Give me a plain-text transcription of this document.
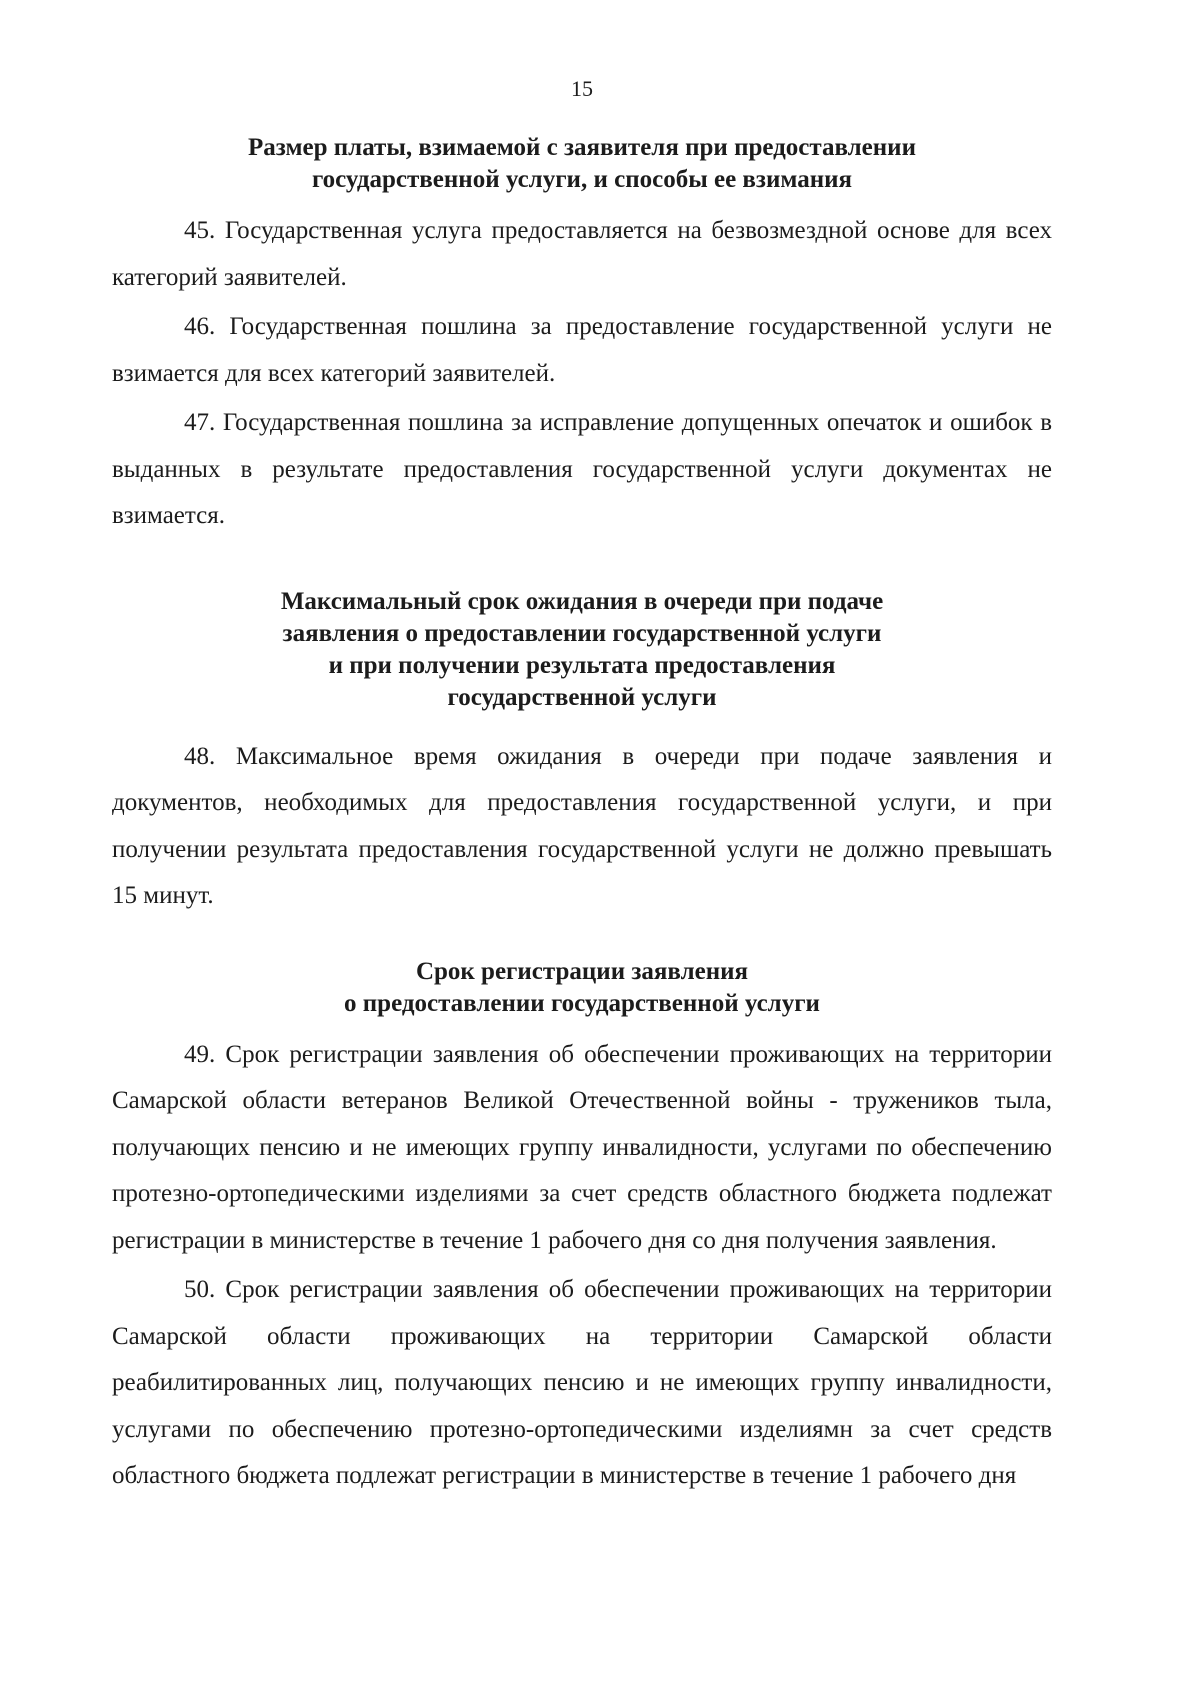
15
Размер платы, взимаемой с заявителя при предоставлении
государственной услуги, и способы ее взимания

45. Государственная услуга предоставляется на безвозмездной основе для всех категорий заявителей.

46. Государственная пошлина за предоставление государственной услуги не взимается для всех категорий заявителей.

47. Государственная пошлина за исправление допущенных опечаток и ошибок в выданных в результате предоставления государственной услуги документах не взимается.

Максимальный срок ожидания в очереди при подаче
заявления о предоставлении государственной услуги
и при получении результата предоставления
государственной услуги

48. Максимальное время ожидания в очереди при подаче заявления и документов, необходимых для предоставления государственной услуги, и при получении результата предоставления государственной услуги не должно превышать 15 минут.

Срок регистрации заявления
о предоставлении государственной услуги

49. Срок регистрации заявления об обеспечении проживающих на территории Самарской области ветеранов Великой Отечественной войны - тружеников тыла, получающих пенсию и не имеющих группу инвалидности, услугами по обеспечению протезно-ортопедическими изделиями за счет средств областного бюджета подлежат регистрации в министерстве в течение 1 рабочего дня со дня получения заявления.

50. Срок регистрации заявления об обеспечении проживающих на территории Самарской области проживающих на территории Самарской области реабилитированных лиц, получающих пенсию и не имеющих группу инвалидности, услугами по обеспечению протезно-ортопедическими изделиямн за счет средств областного бюджета подлежат регистрации в министерстве в течение 1 рабочего дня
